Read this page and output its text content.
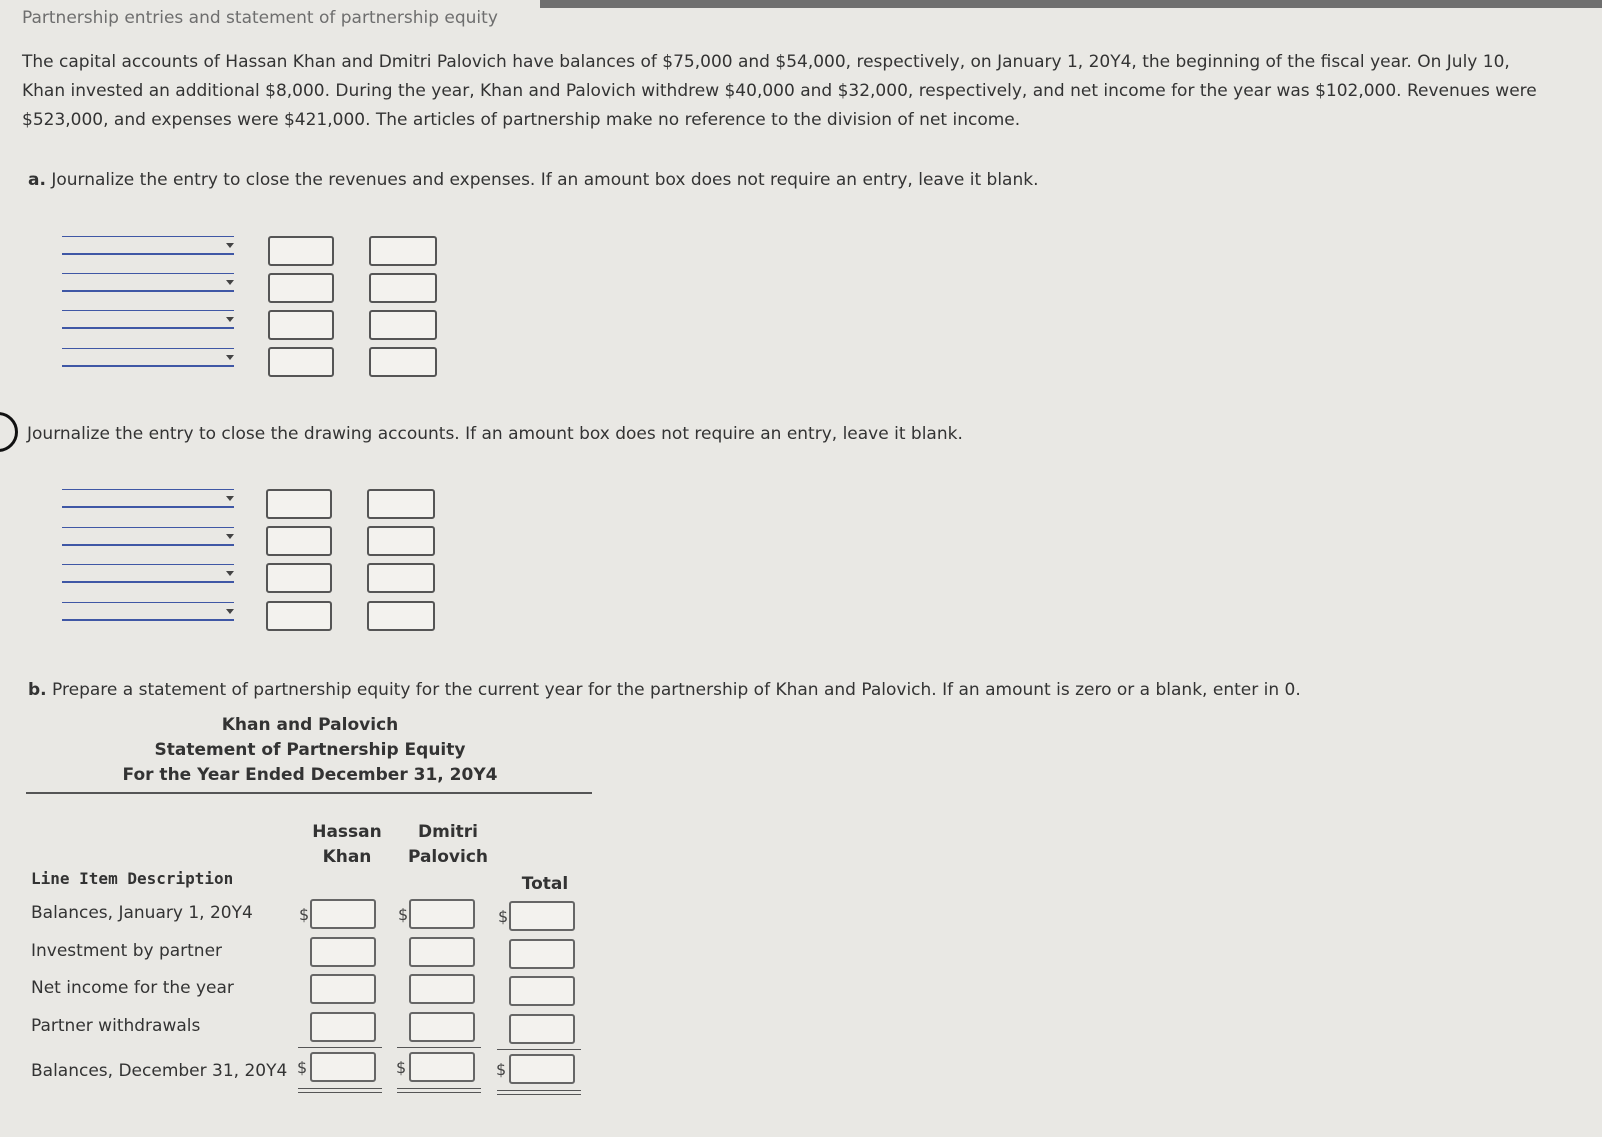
Partnership entries and statement of partnership equity

The capital accounts of Hassan Khan and Dmitri Palovich have balances of $75,000 and $54,000, respectively, on January 1, 20Y4, the beginning of the fiscal year. On July 10,

Khan invested an additional $8,000. During the year, Khan and Palovich withdrew $40,000 and $32,000, respectively, and net income for the year was $102,000. Revenues were

$523,000, and expenses were $421,000. The articles of partnership make no reference to the division of net income.

a. Journalize the entry to close the revenues and expenses. If an amount box does not require an entry, leave it blank.
Journalize the entry to close the drawing accounts. If an amount box does not require an entry, leave it blank.
b. Prepare a statement of partnership equity for the current year for the partnership of Khan and Palovich. If an amount is zero or a blank, enter in 0.
Khan and Palovich
Statement of Partnership Equity
For the Year Ended December 31, 20Y4
Hassan
Khan
Dmitri
Palovich
Total
Line Item Description
Balances, January 1, 20Y4
Investment by partner
Net income for the year
Partner withdrawals
Balances, December 31, 20Y4
$
$
$
$
$
$
